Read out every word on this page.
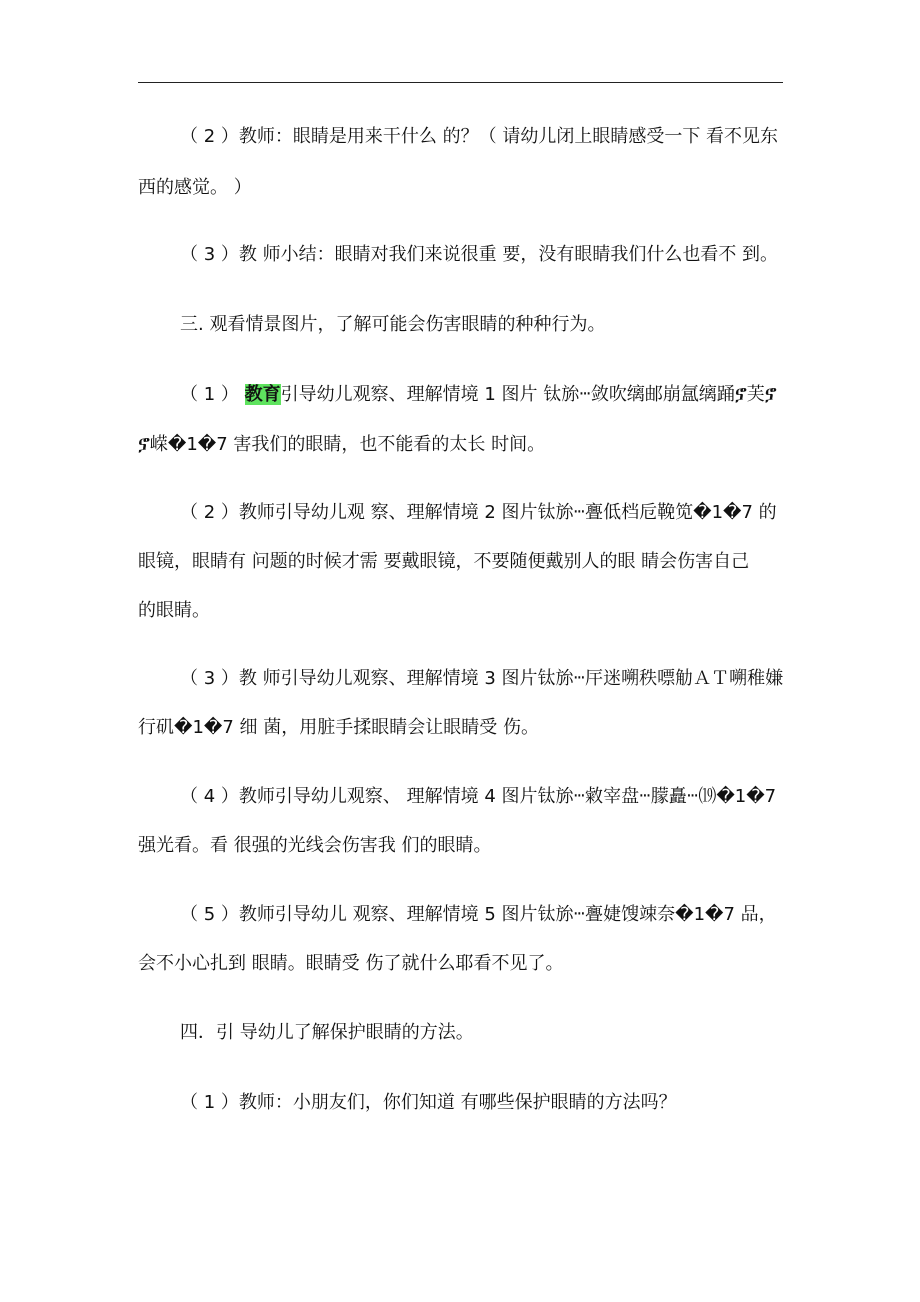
（ 2 ）教师：眼睛是用来干什么 的？（ 请幼儿闭上眼睛感受一下 看不见东
西的感觉。 ）
（ 3 ）教 师小结：眼睛对我们来说很重 要，没有眼睛我们什么也看不 到。
三. 观看情景图片，了解可能会伤害眼睛的种种行为。
（ 1 ） 教育引导幼儿观察、理解情境 1 图片 钛旀ⵈ敛吹缡邮崩氲缡踊ⶈ芙ⶈ
ⶈ嵘�1�7 害我们的眼睛，也不能看的太长 时间。
（ 2 ）教师引导幼儿观 察、理解情境 2 图片钛旀ⵈ亹低档卮鞔笕�1�7 的
眼镜，眼睛有 问题的时候才需 要戴眼镜，不要随便戴别人的眼 睛会伤害自己
的眼睛。
（ 3 ）教 师引导幼儿观察、理解情境 3 图片钛旀ⵈ厈迷嗍秩嘌觔ＡＴ嗍稚嫌
行矶�1�7 细 菌，用脏手揉眼睛会让眼睛受 伤。
（ 4 ）教师引导幼儿观察、 理解情境 4 图片钛旀ⵈ敹宰盘ⵈ朦矗ⵈ⒆�1�7
强光看。看 很强的光线会伤害我 们的眼睛。
（ 5 ）教师引导幼儿 观察、理解情境 5 图片钛旀ⵈ亹婕馊竦奈�1�7 品，
会不小心扎到 眼睛。眼睛受 伤了就什么耶看不见了。
四．引 导幼儿了解保护眼睛的方法。
（ 1 ）教师：小朋友们，你们知道 有哪些保护眼睛的方法吗？
